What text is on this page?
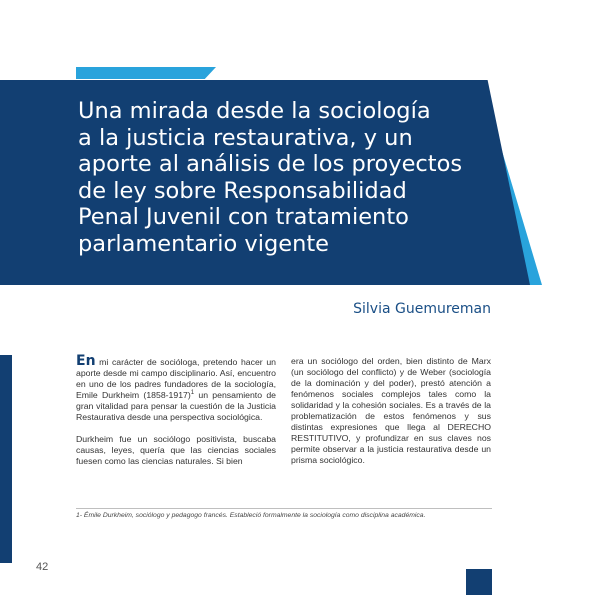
Una mirada desde la sociología
a la justicia restaurativa, y un
aporte al análisis de los proyectos
de ley sobre Responsabilidad
Penal Juvenil con tratamiento
parlamentario vigente
Silvia Guemureman

En mi carácter de socióloga, pretendo hacer un aporte desde mi campo disciplinario. Así, encuentro en uno de los padres fundadores de la sociología, Emile Durkheim (1858-1917)$^1$ un pensamiento de gran vitalidad para pensar la cuestión de la Justicia Restaurativa desde una perspectiva sociológica.

Durkheim fue un sociólogo positivista, buscaba causas, leyes, quería que las ciencias sociales fuesen como las ciencias naturales. Si bien

era un sociólogo del orden, bien distinto de Marx (un sociólogo del conflicto) y de Weber (sociología de la dominación y del poder), prestó atención a fenómenos sociales complejos tales como la solidaridad y la cohesión sociales. Es a través de la problematización de estos fenómenos y sus distintas expresiones que llega al DERECHO RESTITUTIVO, y profundizar en sus claves nos permite observar a la justicia restaurativa desde un prisma sociológico.

1- Émile Durkheim, sociólogo y pedagogo francés. Estableció formalmente la sociología como disciplina académica.
42
